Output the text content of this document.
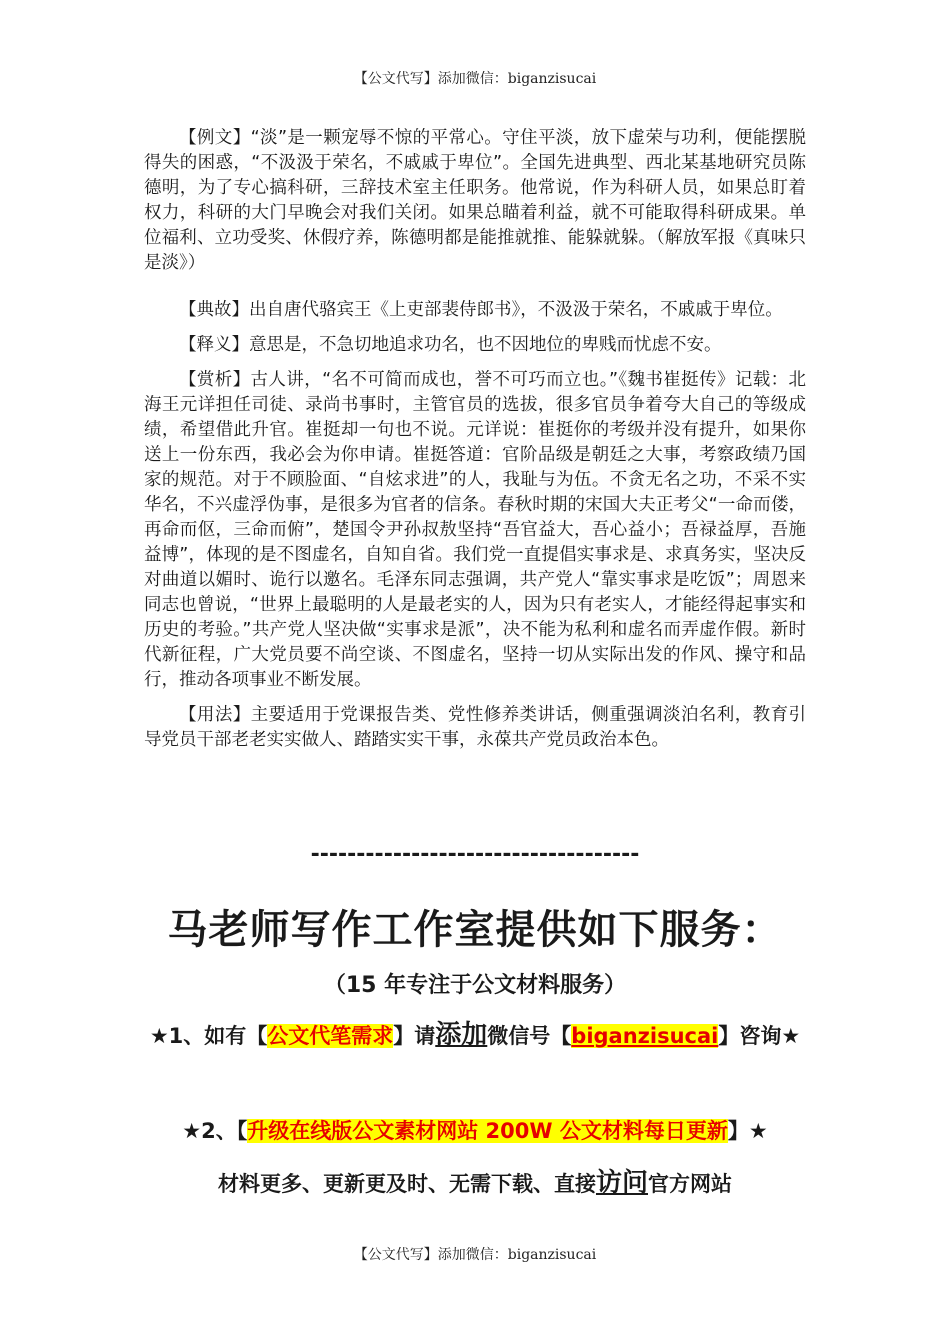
【公文代写】添加微信：biganzisucai

【例文】“淡”是一颗宠辱不惊的平常心。守住平淡，放下虚荣与功利，便能摆脱得失的困惑，“不汲汲于荣名，不戚戚于卑位”。全国先进典型、西北某基地研究员陈德明，为了专心搞科研，三辞技术室主任职务。他常说，作为科研人员，如果总盯着权力，科研的大门早晚会对我们关闭。如果总瞄着利益，就不可能取得科研成果。单位福利、立功受奖、休假疗养，陈德明都是能推就推、能躲就躲。（解放军报《真味只是淡》）

【典故】出自唐代骆宾王《上吏部裴侍郎书》，不汲汲于荣名，不戚戚于卑位。

【释义】意思是，不急切地追求功名，也不因地位的卑贱而忧虑不安。

【赏析】古人讲，“名不可简而成也，誉不可巧而立也。”《魏书崔挺传》记载：北海王元详担任司徒、录尚书事时，主管官员的选拔，很多官员争着夸大自己的等级成绩，希望借此升官。崔挺却一句也不说。元详说：崔挺你的考级并没有提升，如果你送上一份东西，我必会为你申请。崔挺答道：官阶品级是朝廷之大事，考察政绩乃国家的规范。对于不顾脸面、“自炫求进”的人，我耻与为伍。不贪无名之功，不采不实华名，不兴虚浮伪事，是很多为官者的信条。春秋时期的宋国大夫正考父“一命而偻，再命而伛，三命而俯”，楚国令尹孙叔敖坚持“吾官益大，吾心益小；吾禄益厚，吾施益博”，体现的是不图虚名，自知自省。我们党一直提倡实事求是、求真务实，坚决反对曲道以媚时、诡行以邀名。毛泽东同志强调，共产党人“靠实事求是吃饭”；周恩来同志也曾说，“世界上最聪明的人是最老实的人，因为只有老实人，才能经得起事实和历史的考验。”共产党人坚决做“实事求是派”，决不能为私利和虚名而弄虚作假。新时代新征程，广大党员要不尚空谈、不图虚名，坚持一切从实际出发的作风、操守和品行，推动各项事业不断发展。

【用法】主要适用于党课报告类、党性修养类讲话，侧重强调淡泊名利，教育引导党员干部老老实实做人、踏踏实实干事，永葆共产党员政治本色。

------------------------------------
马老师写作工作室提供如下服务：
（15 年专注于公文材料服务）
★1、如有【公文代笔需求】请添加微信号【biganzisucai】咨询★
★2、【升级在线版公文素材网站 200W 公文材料每日更新】★
材料更多、更新更及时、无需下载、直接访问官方网站
【公文代写】添加微信：biganzisucai
